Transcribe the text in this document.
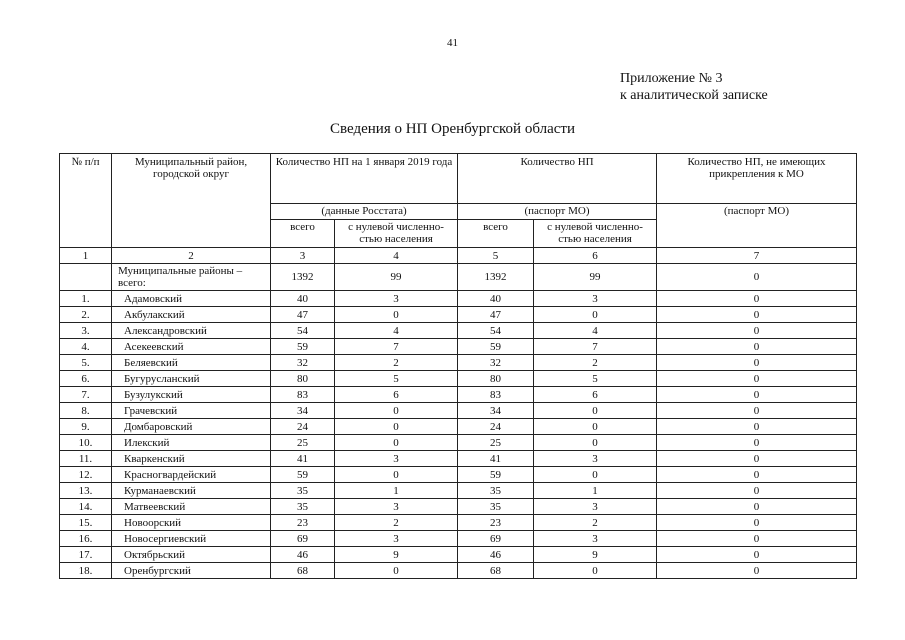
41
Приложение № 3
к аналитической записке
Сведения о НП Оренбургской области
№ п/п	Муниципальный район, городской округ	Количество НП на 1 января 2019 года		Количество НП		Количество НП, не имеющих прикрепления к МО
		(данные Росстата)		(паспорт МО)		(паспорт МО)
		всего	с нулевой численно-стью населения	всего	с нулевой численно-стью населения	
1	2	3	4	5	6	7
	Муниципальные районы – всего:	1392	99	1392	99	0
1.	Адамовский	40	3	40	3	0
2.	Акбулакский	47	0	47	0	0
3.	Александровский	54	4	54	4	0
4.	Асекеевский	59	7	59	7	0
5.	Беляевский	32	2	32	2	0
6.	Бугурусланский	80	5	80	5	0
7.	Бузулукский	83	6	83	6	0
8.	Грачевский	34	0	34	0	0
9.	Домбаровский	24	0	24	0	0
10.	Илекский	25	0	25	0	0
11.	Кваркенский	41	3	41	3	0
12.	Красногвардейский	59	0	59	0	0
13.	Курманаевский	35	1	35	1	0
14.	Матвеевский	35	3	35	3	0
15.	Новоорский	23	2	23	2	0
16.	Новосергиевский	69	3	69	3	0
17.	Октябрьский	46	9	46	9	0
18.	Оренбургский	68	0	68	0	0
